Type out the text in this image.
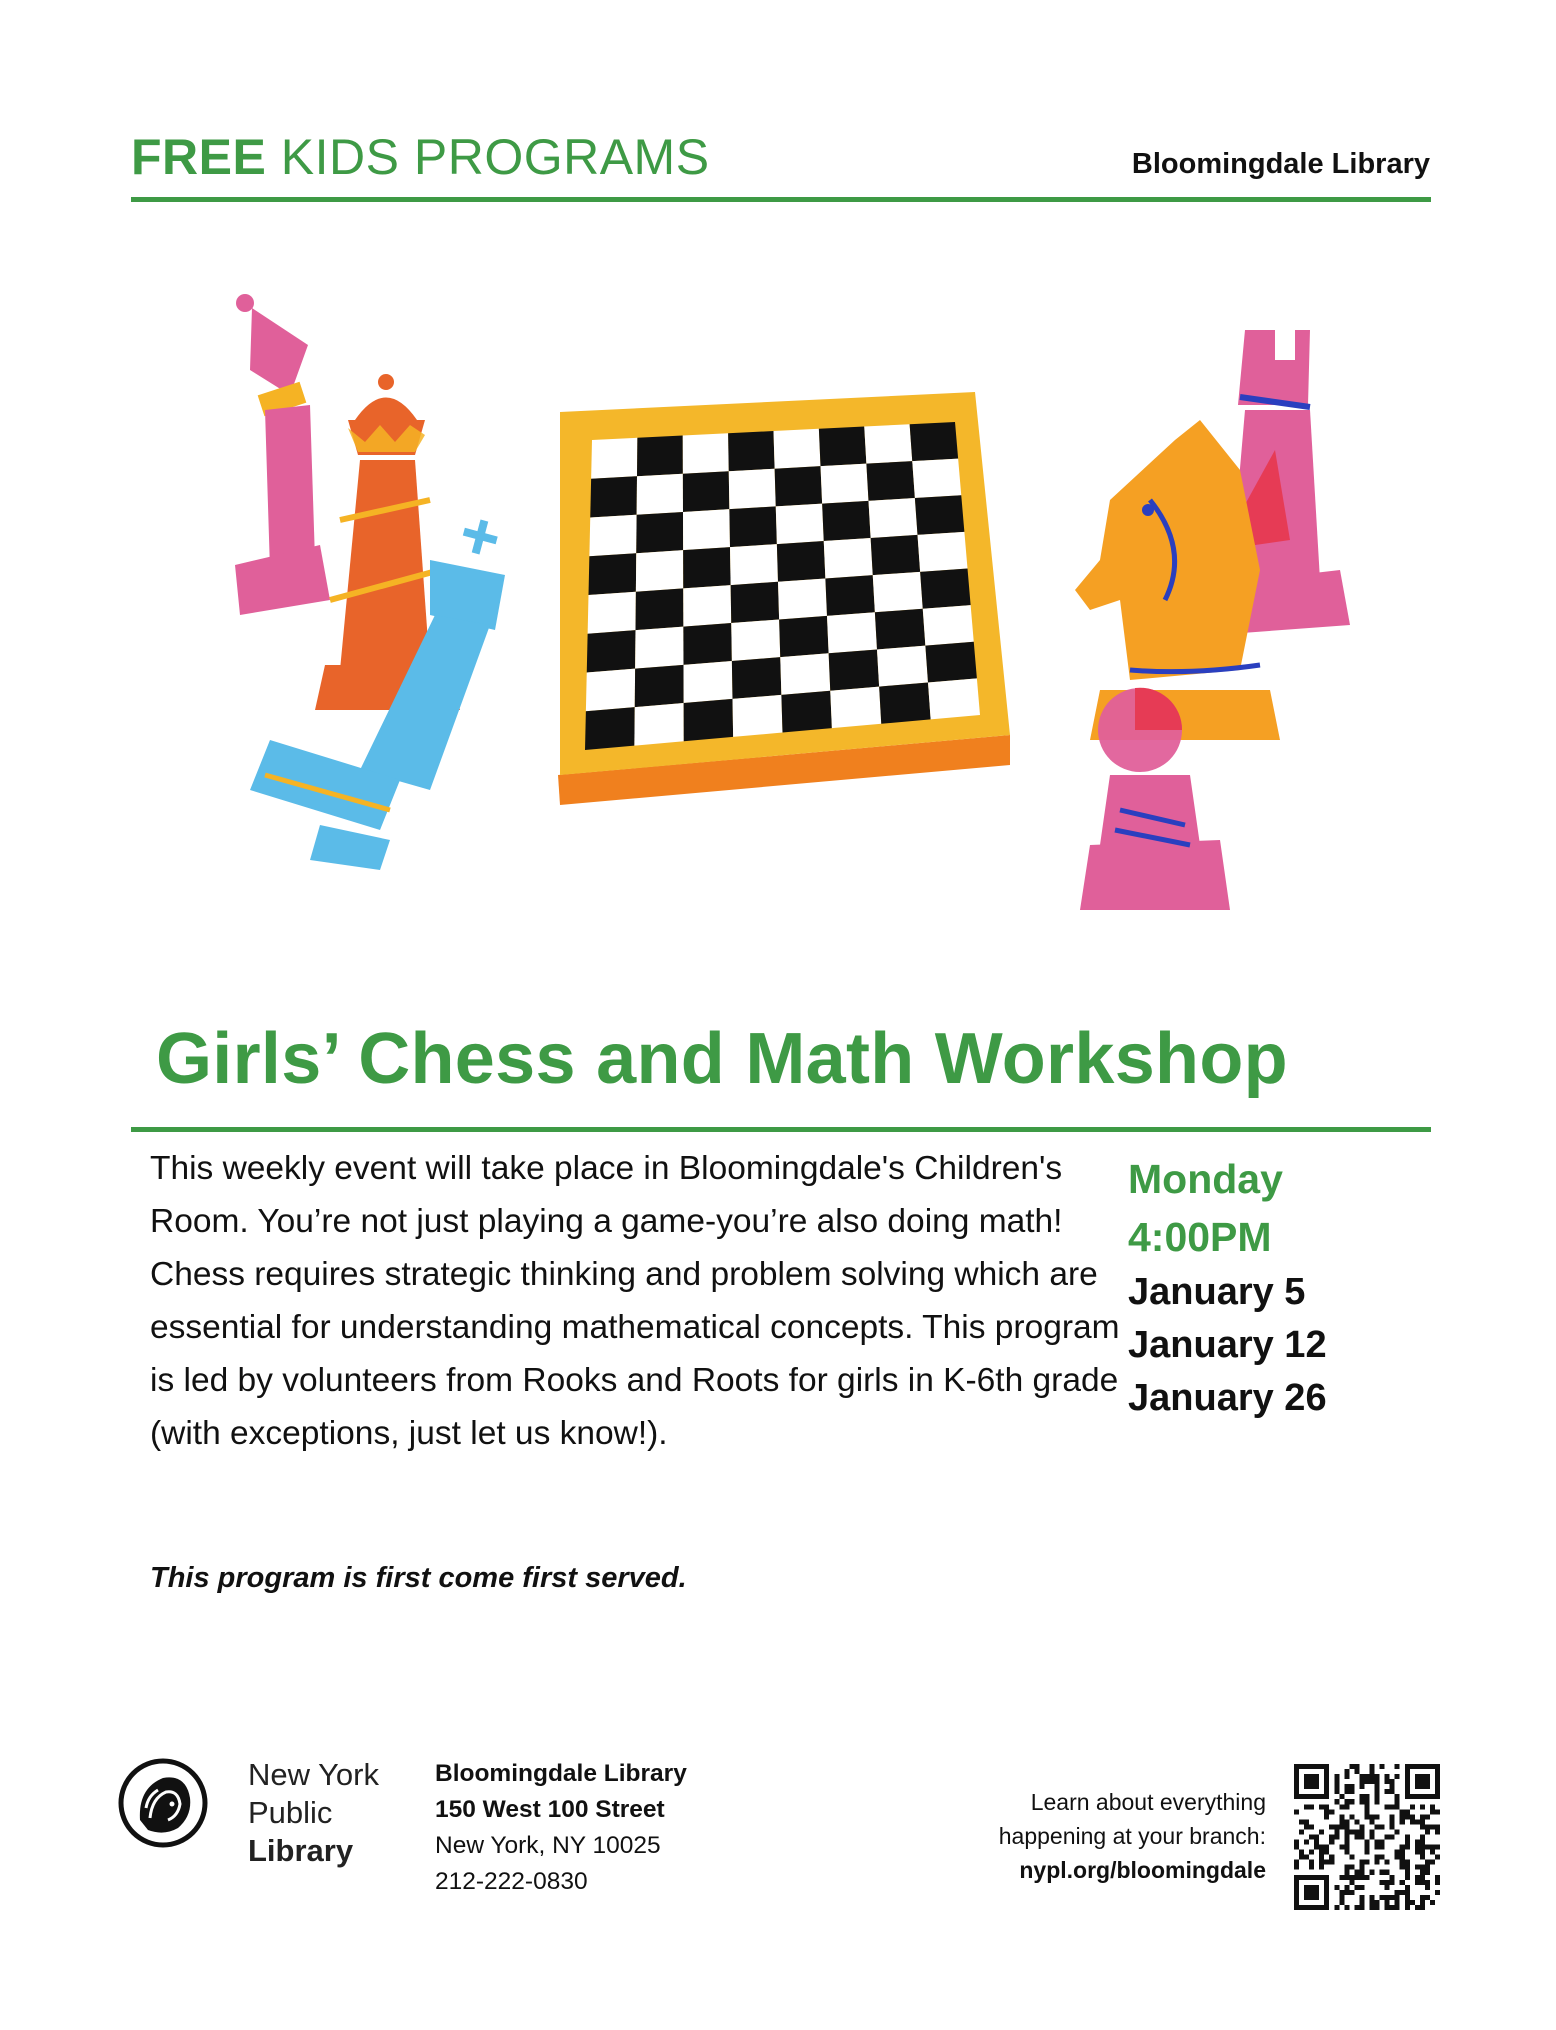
FREE KIDS PROGRAMS	Bloomingdale Library
Girls’ Chess and Math Workshop
This weekly event will take place in Bloomingdale's Children's Room. You’re not just playing a game-you’re also doing math! Chess requires strategic thinking and problem solving which are essential for understanding mathematical concepts. This program is led by volunteers from Rooks and Roots for girls in K-6th grade (with exceptions, just let us know!).
Monday
4:00PM
January 5
January 12
January 26
This program is first come first served.
New York
Public
Library
Bloomingdale Library
150 West 100 Street
New York, NY 10025
212-222-0830
Learn about everything
happening at your branch:
nypl.org/bloomingdale
